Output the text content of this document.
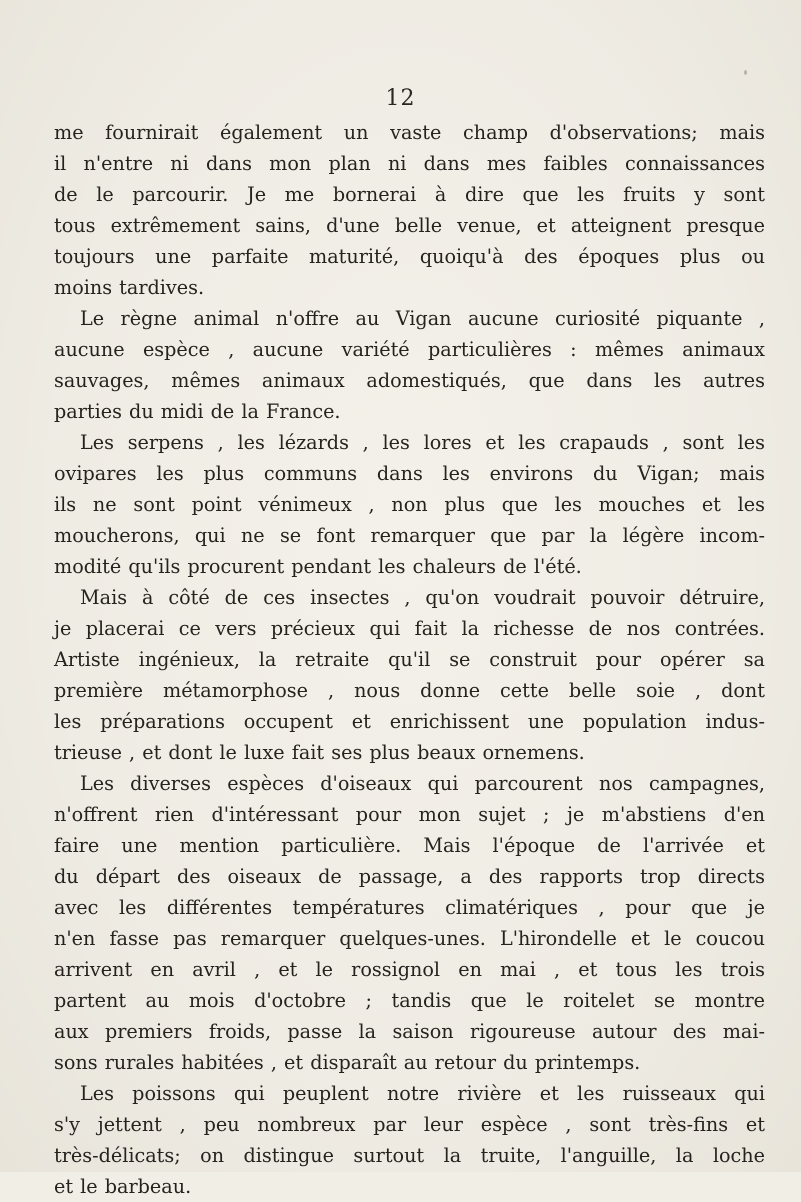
12
me fournirait également un vaste champ d'observations; mais
il n'entre ni dans mon plan ni dans mes faibles connaissances
de le parcourir. Je me bornerai à dire que les fruits y sont
tous extrêmement sains, d'une belle venue, et atteignent presque
toujours une parfaite maturité, quoiqu'à des époques plus ou
moins tardives.
Le règne animal n'offre au Vigan aucune curiosité piquante ,
aucune espèce , aucune variété particulières : mêmes animaux
sauvages, mêmes animaux adomestiqués, que dans les autres
parties du midi de la France.
Les serpens , les lézards , les lores et les crapauds , sont les
ovipares les plus communs dans les environs du Vigan; mais
ils ne sont point vénimeux , non plus que les mouches et les
moucherons, qui ne se font remarquer que par la légère incom-
modité qu'ils procurent pendant les chaleurs de l'été.
Mais à côté de ces insectes , qu'on voudrait pouvoir détruire,
je placerai ce vers précieux qui fait la richesse de nos contrées.
Artiste ingénieux, la retraite qu'il se construit pour opérer sa
première métamorphose , nous donne cette belle soie , dont
les préparations occupent et enrichissent une population indus-
trieuse , et dont le luxe fait ses plus beaux ornemens.
Les diverses espèces d'oiseaux qui parcourent nos campagnes,
n'offrent rien d'intéressant pour mon sujet ; je m'abstiens d'en
faire une mention particulière. Mais l'époque de l'arrivée et
du départ des oiseaux de passage, a des rapports trop directs
avec les différentes températures climatériques , pour que je
n'en fasse pas remarquer quelques-unes. L'hirondelle et le coucou
arrivent en avril , et le rossignol en mai , et tous les trois
partent au mois d'octobre ; tandis que le roitelet se montre
aux premiers froids, passe la saison rigoureuse autour des mai-
sons rurales habitées , et disparaît au retour du printemps.
Les poissons qui peuplent notre rivière et les ruisseaux qui
s'y jettent , peu nombreux par leur espèce , sont très-fins et
très-délicats; on distingue surtout la truite, l'anguille, la loche
et le barbeau.
